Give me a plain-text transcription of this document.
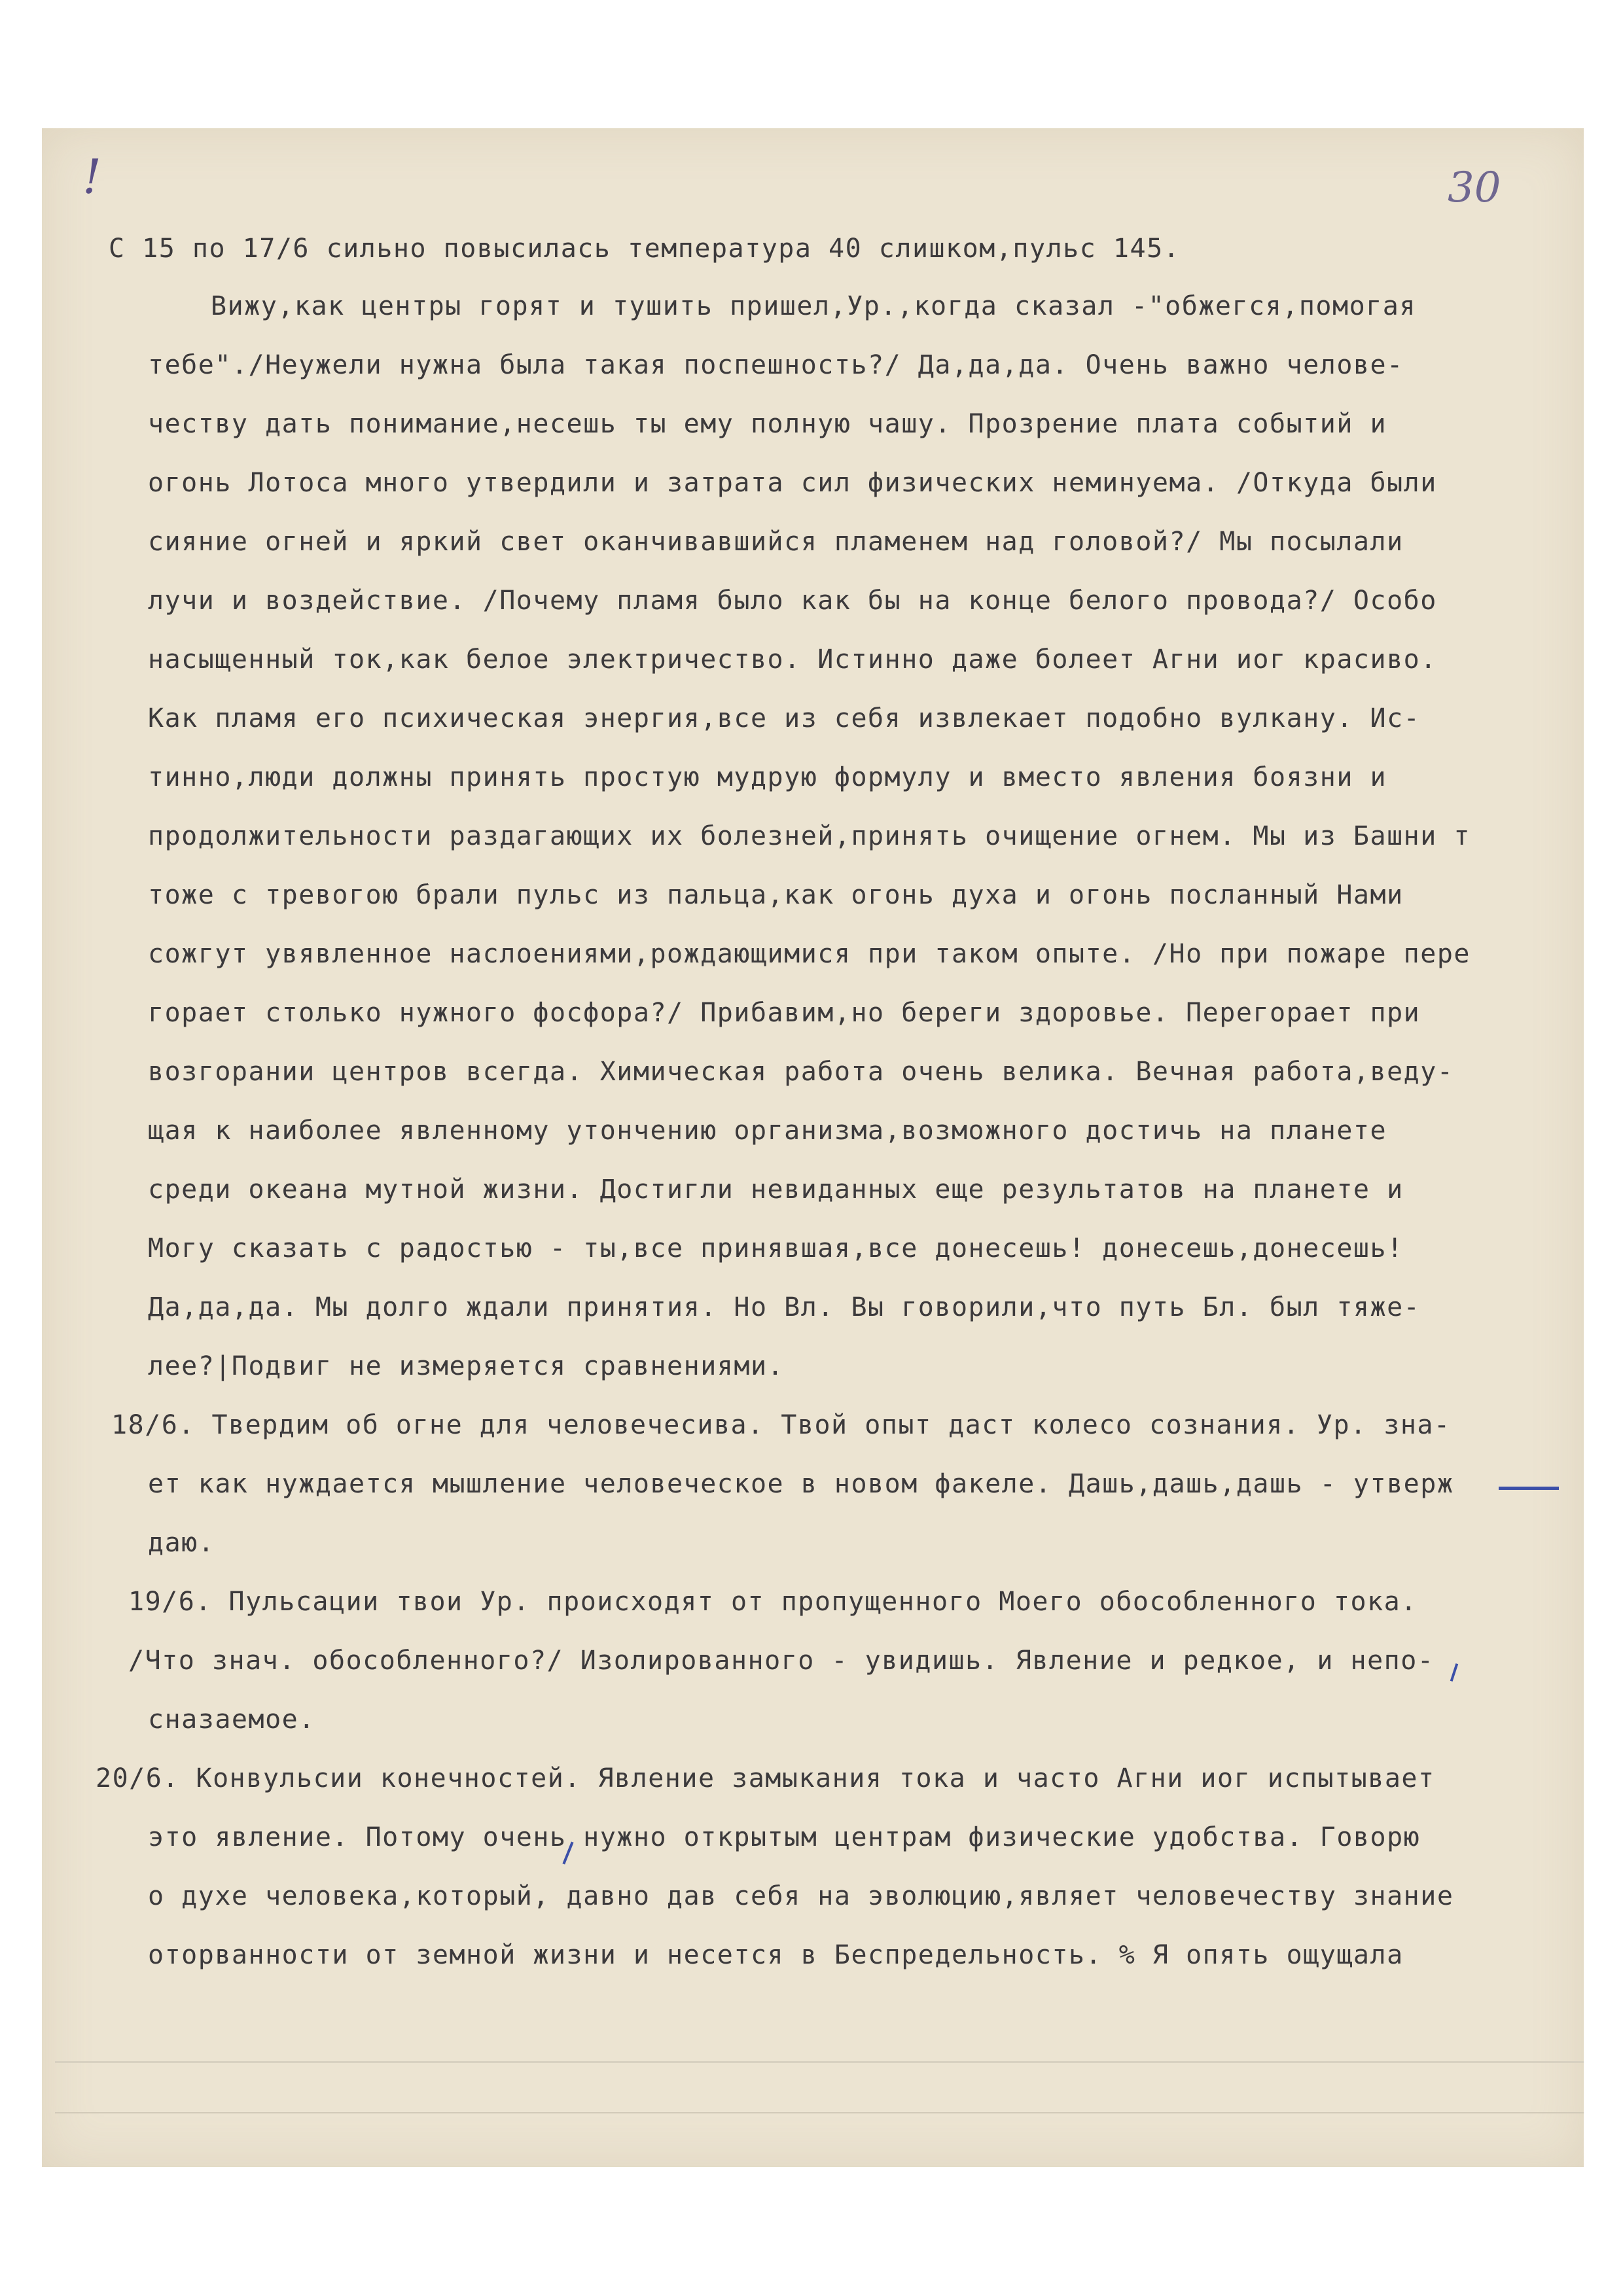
!	30
С 15 по 17/6 сильно повысилась температура 40 слишком,пульс 145.
Вижу,как центры горят и тушить пришел,Ур.,когда сказал -"обжегся,помогая
тебе"./Неужели нужна была такая поспешность?/ Да,да,да. Очень важно челове-
честву дать понимание,несешь ты ему полную чашу. Прозрение плата событий и
огонь Лотоса много утвердили и затрата сил физических неминуема. /Откуда были
сияние огней и яркий свет оканчивавшийся пламенем над головой?/ Мы посылали
лучи и воздействие. /Почему пламя было как бы на конце белого провода?/ Особо
насыщенный ток,как белое электричество. Истинно даже болеет Агни иог красиво.
Как пламя его психическая энергия,все из себя извлекает подобно вулкану. Ис-
тинно,люди должны принять простую мудрую формулу и вместо явления боязни и
продолжительности раздагающих их болезней,принять очищение огнем. Мы из Башни т
тоже с тревогою брали пульс из пальца,как огонь духа и огонь посланный Нами
сожгут увявленное наслоениями,рождающимися при таком опыте. /Но при пожаре пере
горает столько нужного фосфора?/ Прибавим,но береги здоровье. Перегорает при
возгорании центров всегда. Химическая работа очень велика. Вечная работа,веду-
щая к наиболее явленному утончению организма,возможного достичь на планете
среди океана мутной жизни. Достигли невиданных еще результатов на планете и
Могу сказать с радостью - ты,все принявшая,все донесешь! донесешь,донесешь!
Да,да,да. Мы долго ждали принятия. Но Вл. Вы говорили,что путь Бл. был тяже-
лее?|Подвиг не измеряется сравнениями.
18/6. Твердим об огне для человечесива. Твой опыт даст колесо сознания. Ур. зна-
ет как нуждается мышление человеческое в новом факеле. Дашь,дашь,дашь - утверж
даю.
19/6. Пульсации твои Ур. происходят от пропущенного Моего обособленного тока.
/Что знач. обособленного?/ Изолированного - увидишь. Явление и редкое, и непо-
сназаемое.
20/6. Конвульсии конечностей. Явление замыкания тока и часто Агни иог испытывает
это явление. Потому очень нужно открытым центрам физические удобства. Говорю
о духе человека,который, давно дав себя на эволюцию,являет человечеству знание
оторванности от земной жизни и несется в Беспредельность. % Я опять ощущала
